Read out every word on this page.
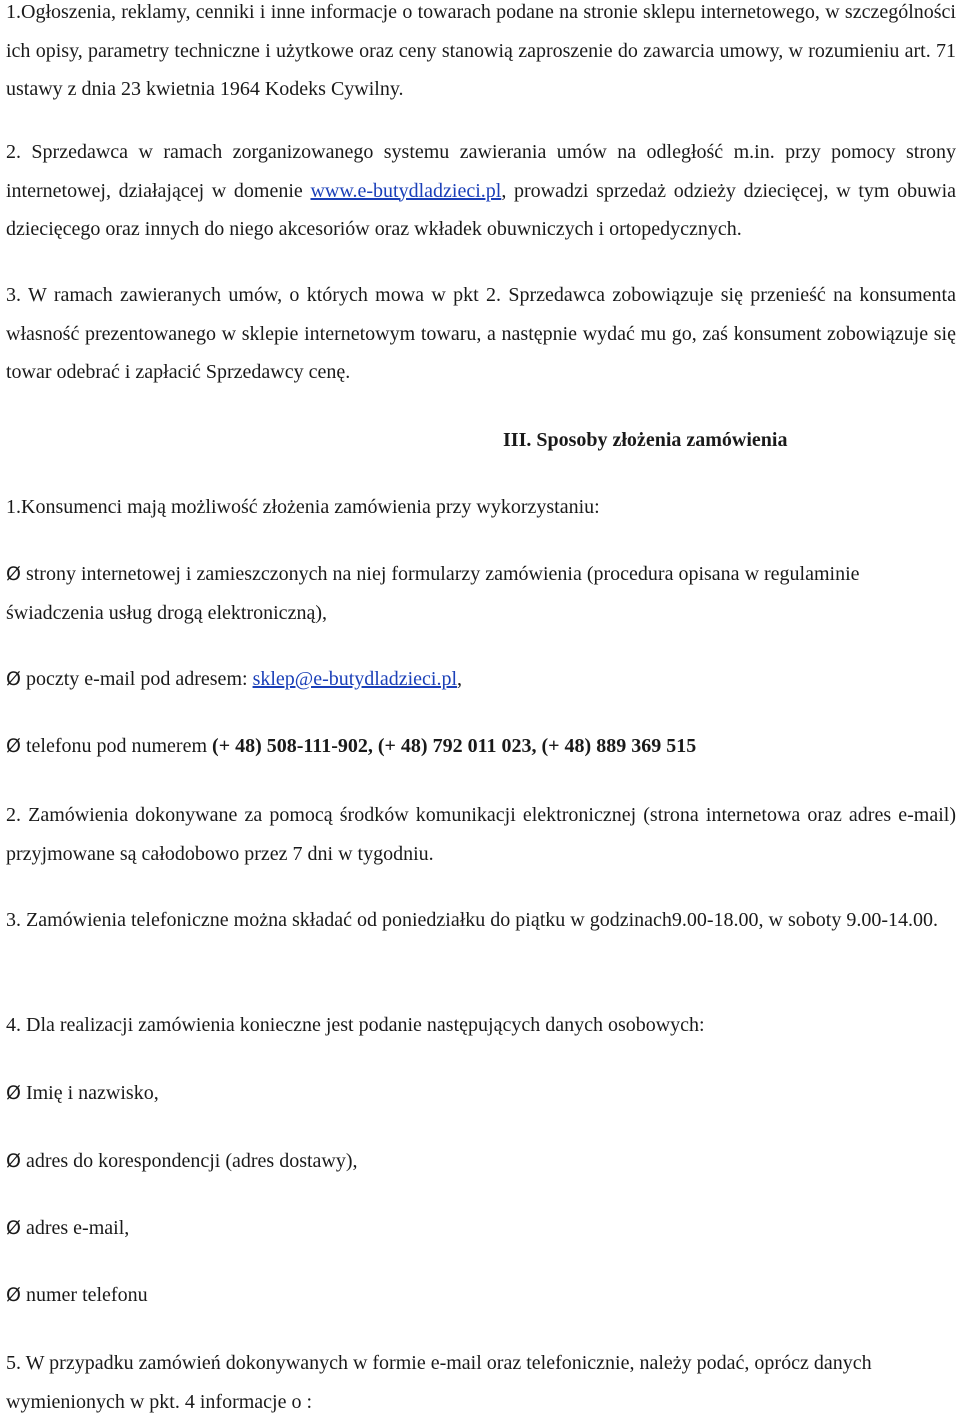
1.Ogłoszenia, reklamy, cenniki i inne informacje o towarach podane na stronie sklepu internetowego, w szczególności ich opisy, parametry techniczne i użytkowe oraz ceny stanowią zaproszenie do zawarcia umowy, w rozumieniu art. 71 ustawy z dnia 23 kwietnia 1964 Kodeks Cywilny.

2. Sprzedawca w ramach zorganizowanego systemu zawierania umów na odległość m.in. przy pomocy strony internetowej, działającej w domenie www.e-butydladzieci.pl, prowadzi sprzedaż odzieży dziecięcej, w tym obuwia dziecięcego oraz innych do niego akcesoriów oraz wkładek obuwniczych i ortopedycznych.

3. W ramach zawieranych umów, o których mowa w pkt 2. Sprzedawca zobowiązuje się przenieść na konsumenta własność prezentowanego w sklepie internetowym towaru, a następnie wydać mu go, zaś konsument zobowiązuje się towar odebrać i zapłacić Sprzedawcy cenę.

III. Sposoby złożenia zamówienia
1.Konsumenci mają możliwość złożenia zamówienia przy wykorzystaniu:

Ø strony internetowej i zamieszczonych na niej formularzy zamówienia (procedura opisana w regulaminie świadczenia usług drogą elektroniczną),

Ø poczty e-mail pod adresem: sklep@e-butydladzieci.pl,
Ø telefonu pod numerem (+ 48) 508-111-902, (+ 48) 792 011 023, (+ 48) 889 369 515

2. Zamówienia dokonywane za pomocą środków komunikacji elektronicznej (strona internetowa oraz adres e-mail) przyjmowane są całodobowo przez 7 dni w tygodniu.

3. Zamówienia telefoniczne można składać od poniedziałku do piątku w godzinach9.00-18.00, w soboty 9.00-14.00.

4. Dla realizacji zamówienia konieczne jest podanie następujących danych osobowych:
Ø Imię i nazwisko,
Ø adres do korespondencji (adres dostawy),
Ø adres e-mail,
Ø numer telefonu

5. W przypadku zamówień dokonywanych w formie e-mail oraz telefonicznie, należy podać, oprócz danych wymienionych w pkt. 4 informacje o :
